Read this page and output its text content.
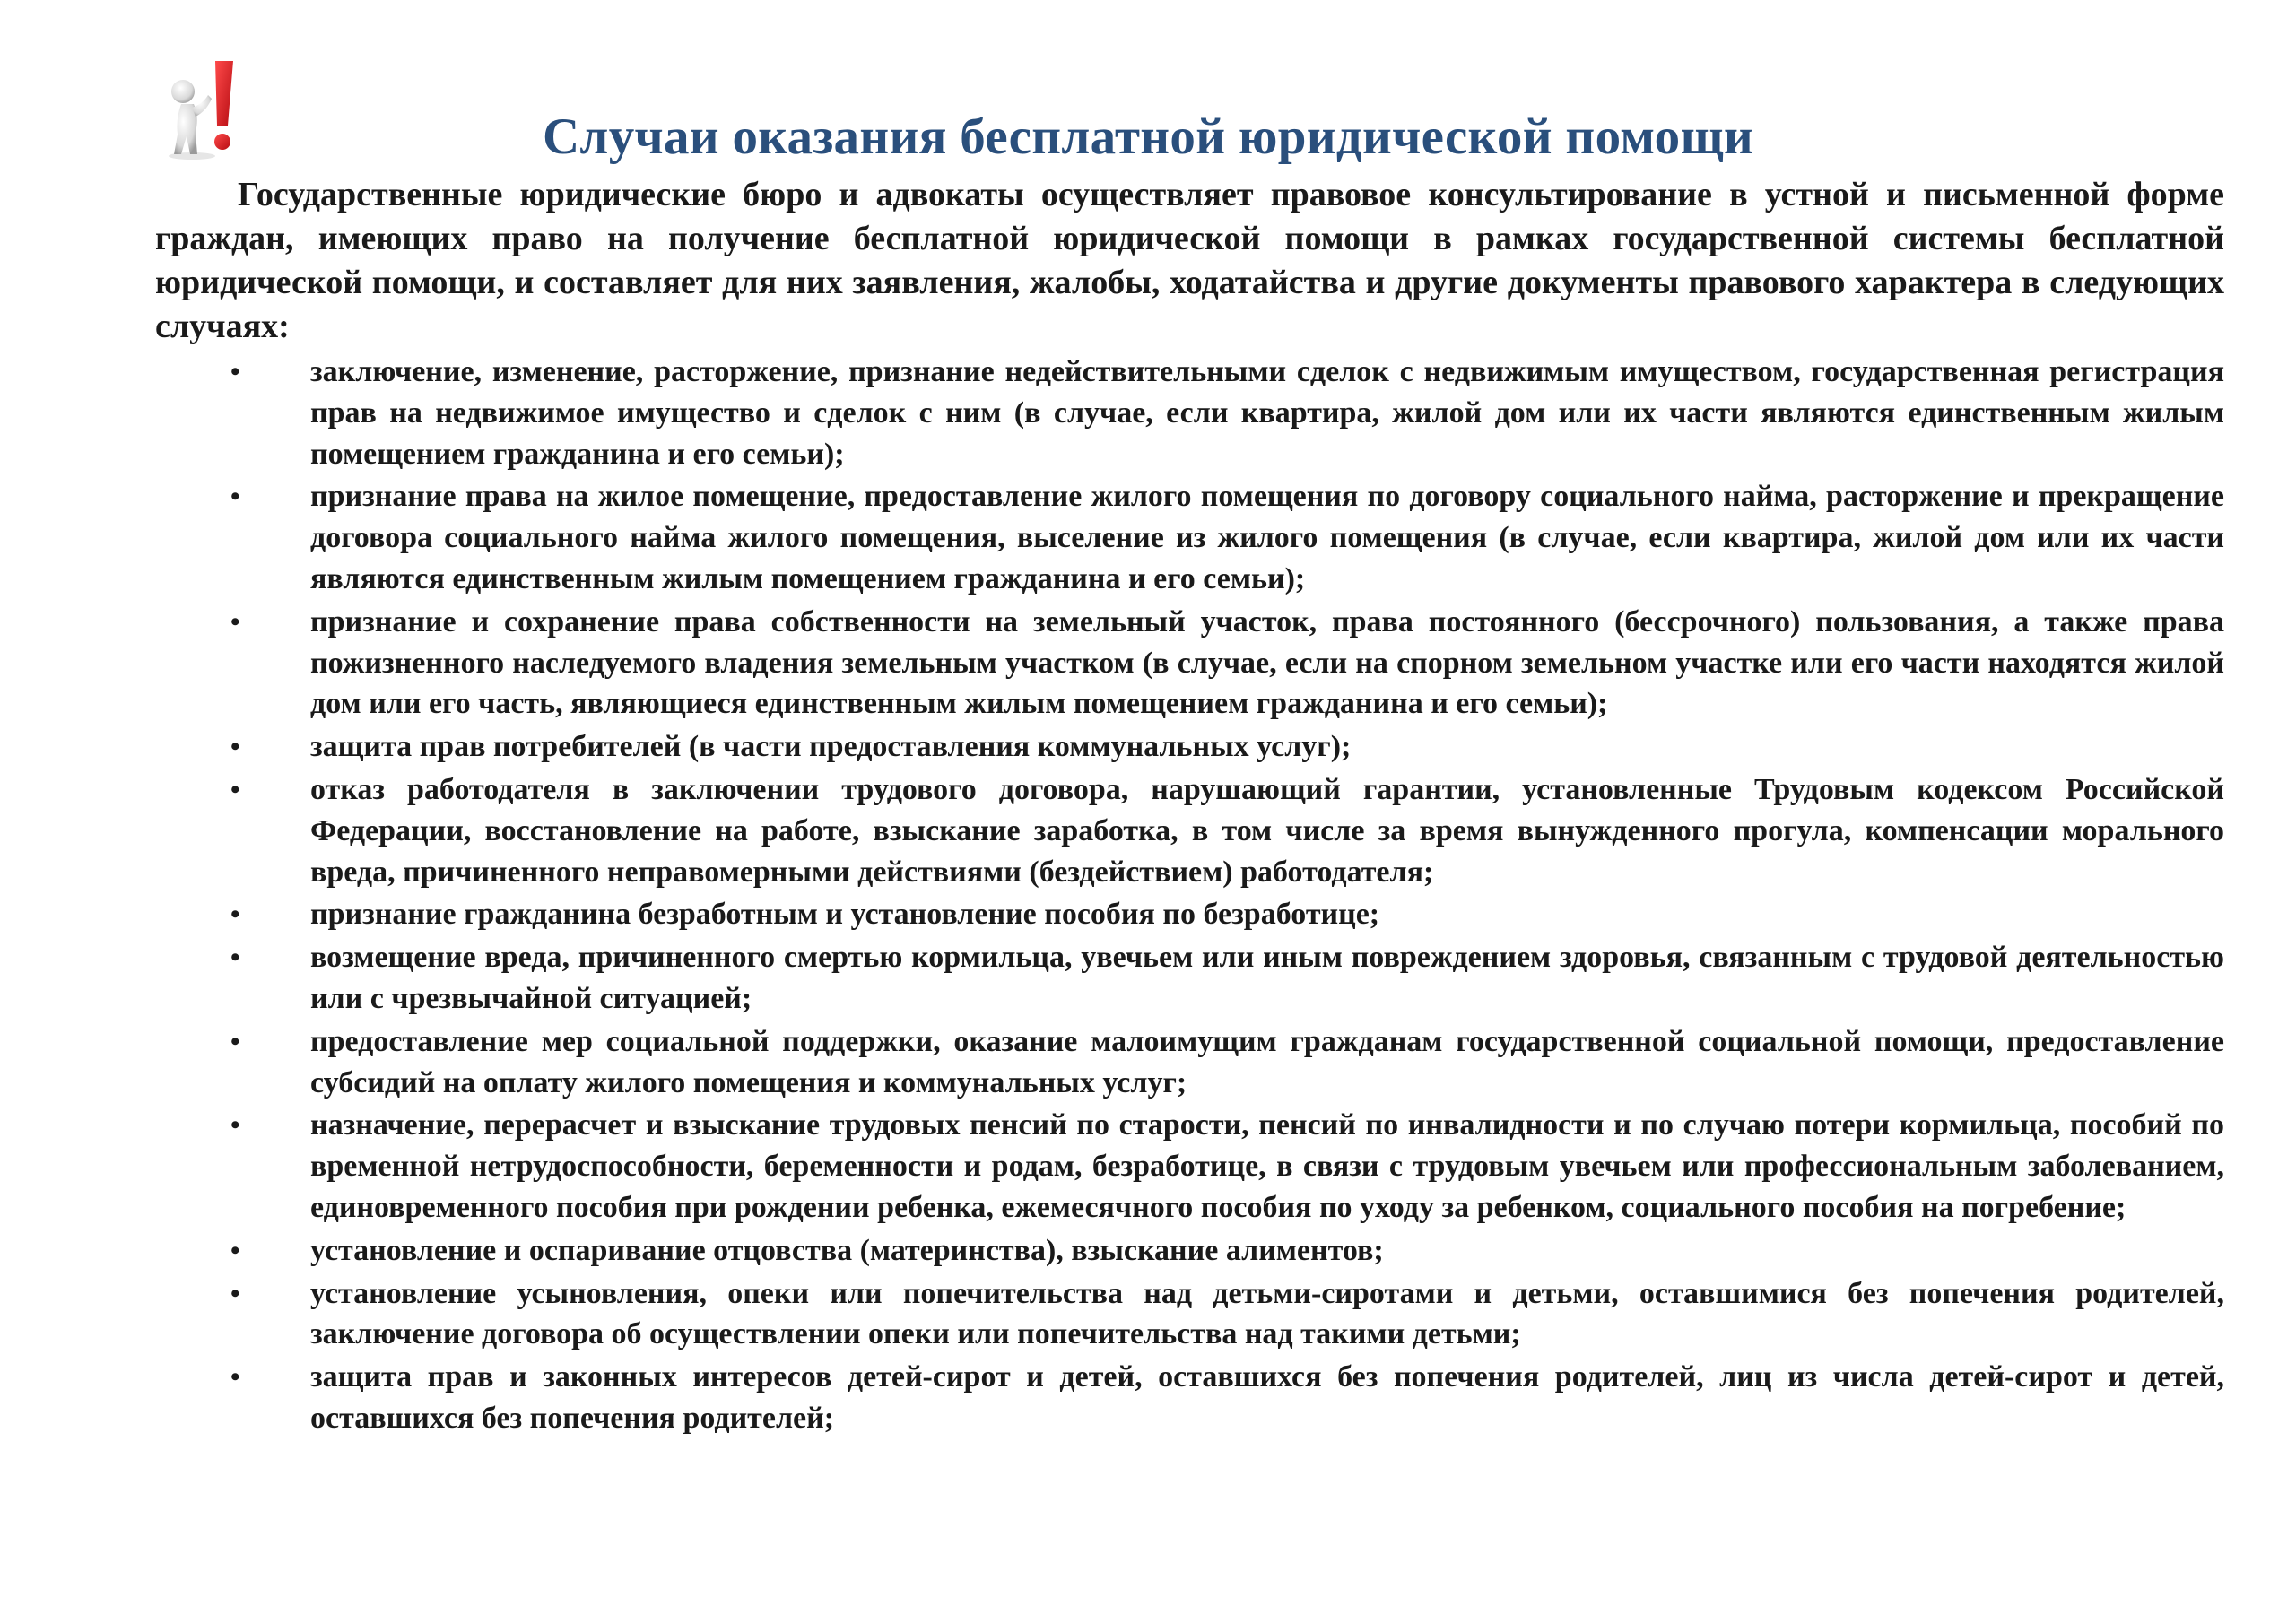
Случаи оказания бесплатной юридической помощи

Государственные юридические бюро и адвокаты осуществляет правовое консультирование в устной и письменной форме граждан, имеющих право на получение бесплатной юридической помощи в рамках государственной системы бесплатной юридической помощи, и составляет для них заявления, жалобы, ходатайства и другие документы правового характера в следующих случаях:

• заключение, изменение, расторжение, признание недействительными сделок с недвижимым имуществом, государственная регистрация прав на недвижимое имущество и сделок с ним (в случае, если квартира, жилой дом или их части являются единственным жилым помещением гражданина и его семьи);
• признание права на жилое помещение, предоставление жилого помещения по договору социального найма, расторжение и прекращение договора социального найма жилого помещения, выселение из жилого помещения (в случае, если квартира, жилой дом или их части являются единственным жилым помещением гражданина и его семьи);
• признание и сохранение права собственности на земельный участок, права постоянного (бессрочного) пользования, а также права пожизненного наследуемого владения земельным участком (в случае, если на спорном земельном участке или его части находятся жилой дом или его часть, являющиеся единственным жилым помещением гражданина и его семьи);
• защита прав потребителей (в части предоставления коммунальных услуг);
• отказ работодателя в заключении трудового договора, нарушающий гарантии, установленные Трудовым кодексом Российской Федерации, восстановление на работе, взыскание заработка, в том числе за время вынужденного прогула, компенсации морального вреда, причиненного неправомерными действиями (бездействием) работодателя;
• признание гражданина безработным и установление пособия по безработице;
• возмещение вреда, причиненного смертью кормильца, увечьем или иным повреждением здоровья, связанным с трудовой деятельностью или с чрезвычайной ситуацией;
• предоставление мер социальной поддержки, оказание малоимущим гражданам государственной социальной помощи, предоставление субсидий на оплату жилого помещения и коммунальных услуг;
• назначение, перерасчет и взыскание трудовых пенсий по старости, пенсий по инвалидности и по случаю потери кормильца, пособий по временной нетрудоспособности, беременности и родам, безработице, в связи с трудовым увечьем или профессиональным заболеванием, единовременного пособия при рождении ребенка, ежемесячного пособия по уходу за ребенком, социального пособия на погребение;
• установление и оспаривание отцовства (материнства), взыскание алиментов;
• установление усыновления, опеки или попечительства над детьми-сиротами и детьми, оставшимися без попечения родителей, заключение договора об осуществлении опеки или попечительства над такими детьми;
• защита прав и законных интересов детей-сирот и детей, оставшихся без попечения родителей, лиц из числа детей-сирот и детей, оставшихся без попечения родителей;
